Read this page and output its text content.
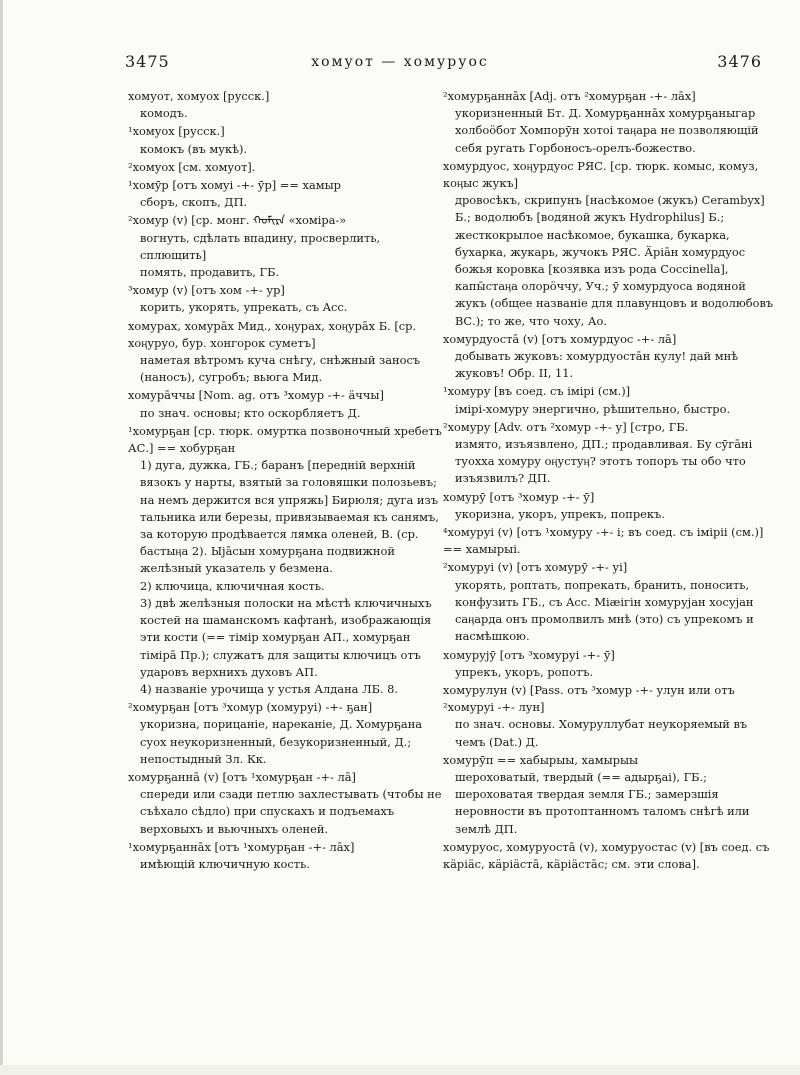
3475	хомуот — хомуруос	3476
хомуот, хомуох [русск.]
комодъ.
¹хомуох [русск.]
комокъ (въ мукѣ).
²хомуох [см. хомуот].
¹хомӯр [отъ хомуі -+- ӯр] == хамыр
сборъ, скопъ, ДП.
²хомур (v) [ср. монг. ᠬᠣᠮᠢᠷᠠ «хоміра-»
вогнуть, сдѣлать впадину, просверлить, сплющить]
помять, продавить, ГБ.
³хомур (v) [отъ хом -+- ур]
корить, укорять, упрекать, съ Acc.
хомурах, хомурāх Мид., хоӊурах, хоӊурāх Б. [ср. хоӊуруо, бур. хонгорок суметъ]
наметая вѣтромъ куча снѣгу, снѣжный заносъ (наносъ), сугробъ; вьюга Мид.
хомурāччы [Nom. ag. отъ ³хомур -+- ӓччы]
по знач. основы; кто оскорбляетъ Д.
¹хомурҕан [ср. тюрк. омуртка позвоночный хребетъ АС.] == хобурҕан
1) дуга, дужка, ГБ.; баранъ [передній верхній вязокъ у нарты, взятый за головяшки полозьевъ; на немъ держится вся упряжь] Бирюля; дуга изъ тальника или березы, привязываемая къ санямъ, за которую продѣвается лямка оленей, В. (ср. бастыӊа 2). Ыјāсын хомурҕана подвижной желѣзный указатель у безмена.
2) ключица, ключичная кость.
3) двѣ желѣзныя полоски на мѣстѣ ключичныхъ костей на шаманскомъ кафтанѣ, изображающія эти кости (== тімір хомурҕан АП., хомурҕан тімірā Пр.); служатъ для защиты ключицъ отъ ударовъ верхнихъ духовъ АП.
4) названіе урочища у устья Алдана ЛБ. 8.
²хомурҕан [отъ ³хомур (хомуруі) -+- ҕан]
укоризна, порицаніе, нареканіе, Д. Хомурҕана суох неукоризненный, безукоризненный, Д.; непостыдный Зл. Кк.
хомурҕаннā (v) [отъ ¹хомурҕан -+- лā]
спереди или сзади петлю захлестывать (чтобы не съѣхало сѣдло) при спускахъ и подъемахъ верховыхъ и вьючныхъ оленей.
¹хомурҕаннāх [отъ ¹хомурҕан -+- лāх]
имѣющій ключичную кость.
²хомурҕаннāх [Adj. отъ ²хомурҕан -+- лāх]
укоризненный Бт. Д. Хомурҕаннāх хомурҕаныгар холбоӧбот Хомпорӯн хотоі таӊара не позволяющій себя ругать Горбоносъ-орелъ-божество.
хомурдуос, хоӊурдуос РЯС. [ср. тюрк. комыс, комуз, коӊыс жукъ]
дровосѣкъ, скрипунъ [насѣкомое (жукъ) Cerambyx] Б.; водолюбъ [водяной жукъ Hydrophilus] Б.; жесткокрылое насѣкомое, букашка, букарка, бухарка, жукарь, жучокъ РЯС. Ӓріāн хомурдуос божья коровка [козявка изъ рода Coccinella], капы̄стаӊа олорӧччу, Уч.; ӯ хомурдуоса водяной жукъ (общее названіе для плавунцовъ и водолюбовъ ВС.); то же, что чоху, Ао.
хомурдуостā (v) [отъ хомурдуос -+- лā]
добывать жуковъ: хомурдуостāн кулу! дай мнѣ жуковъ! Обр. II, 11.
¹хомуру [въ соед. съ імірі (см.)]
імірі-хомуру энергично, рѣшительно, быстро.
²хомуру [Adv. отъ ²хомур -+- у] [стро, ГБ.
измято, изъязвлено, ДП.; продавливая. Бу сӯгāні туохха хомуру оӊустуӊ? этотъ топоръ ты обо что изъязвилъ? ДП.
хомурӯ [отъ ³хомур -+- ӯ]
укоризна, укоръ, упрекъ, попрекъ.
⁴хомуруі (v) [отъ ¹хомуру -+- і; въ соед. съ іміріі (см.)] == хамырыі.
²хомуруі (v) [отъ хомурӯ -+- уі]
укорять, роптать, попрекать, бранить, поносить, конфузить ГБ., съ Acc. Міӕігін хомурујан хосујан саӊарда онъ промолвилъ мнѣ (это) съ упрекомъ и насмѣшкою.
хомурујӯ [отъ ³хомуруі -+- ӯ]
упрекъ, укоръ, ропотъ.
хомурулун (v) [Pass. отъ ³хомур -+- улун или отъ ²хомуруі -+- лун]
по знач. основы. Хомуруллубат неукоряемый въ чемъ (Dat.) Д.
хомурӯп == хабырыы, хамырыы
шероховатый, твердый (== адырҕаі), ГБ.; шероховатая твердая земля ГБ.; замерзшія неровности въ протоптанномъ таломъ снѣгѣ или землѣ ДП.
хомуруос, хомуруостā (v), хомуруостас (v) [въ соед. съ кӓріӓс, кӓріӓстā, кӓріӓстāс; см. эти слова].
